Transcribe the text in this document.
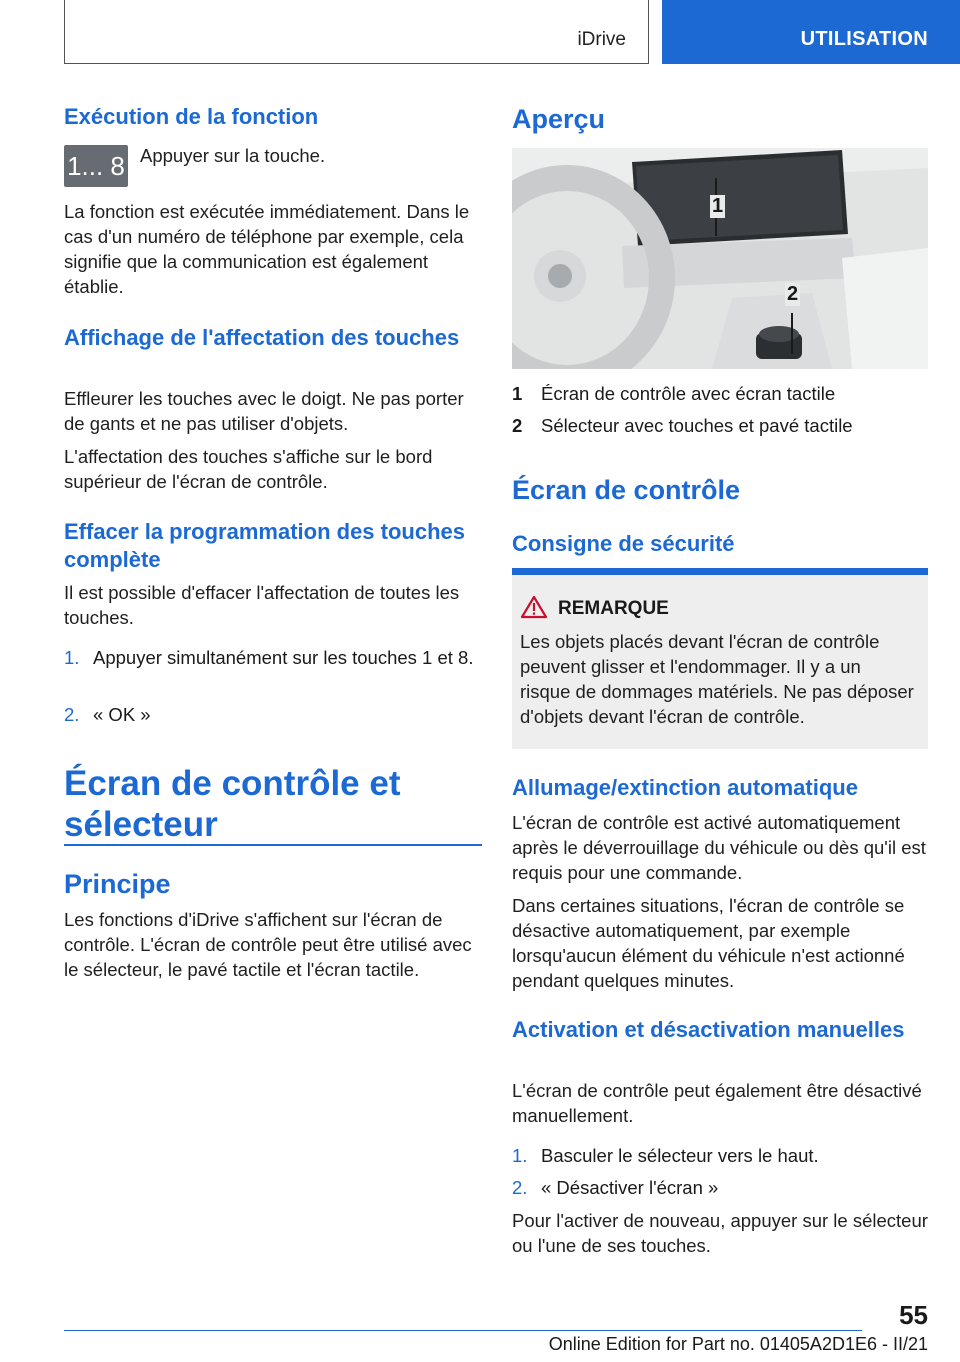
iDrive	UTILISATION

Exécution de la fonction

1... 8 Appuyer sur la touche.

La fonction est exécutée immédiatement. Dans le cas d'un numéro de téléphone par exemple, cela signifie que la communication est également établie.

Affichage de l'affectation des touches

Effleurer les touches avec le doigt. Ne pas porter de gants et ne pas utiliser d'objets.

L'affectation des touches s'affiche sur le bord supérieur de l'écran de contrôle.

Effacer la programmation des touches complète

Il est possible d'effacer l'affectation de toutes les touches.

1. Appuyer simultanément sur les touches 1 et 8.
2. « OK »

Écran de contrôle et sélecteur

Principe

Les fonctions d'iDrive s'affichent sur l'écran de contrôle. L'écran de contrôle peut être utilisé avec le sélecteur, le pavé tactile et l'écran tactile.

Aperçu

1
2
1 Écran de contrôle avec écran tactile
2 Sélecteur avec touches et pavé tactile

Écran de contrôle

Consigne de sécurité

REMARQUE

Les objets placés devant l'écran de contrôle peuvent glisser et l'endommager. Il y a un risque de dommages matériels. Ne pas déposer d'objets devant l'écran de contrôle.

Allumage/extinction automatique

L'écran de contrôle est activé automatiquement après le déverrouillage du véhicule ou dès qu'il est requis pour une commande.

Dans certaines situations, l'écran de contrôle se désactive automatiquement, par exemple lorsqu'aucun élément du véhicule n'est actionné pendant quelques minutes.

Activation et désactivation manuelles

L'écran de contrôle peut également être désactivé manuellement.

1. Basculer le sélecteur vers le haut.
2. « Désactiver l'écran »

Pour l'activer de nouveau, appuyer sur le sélecteur ou l'une de ses touches.

55
Online Edition for Part no. 01405A2D1E6 - II/21
